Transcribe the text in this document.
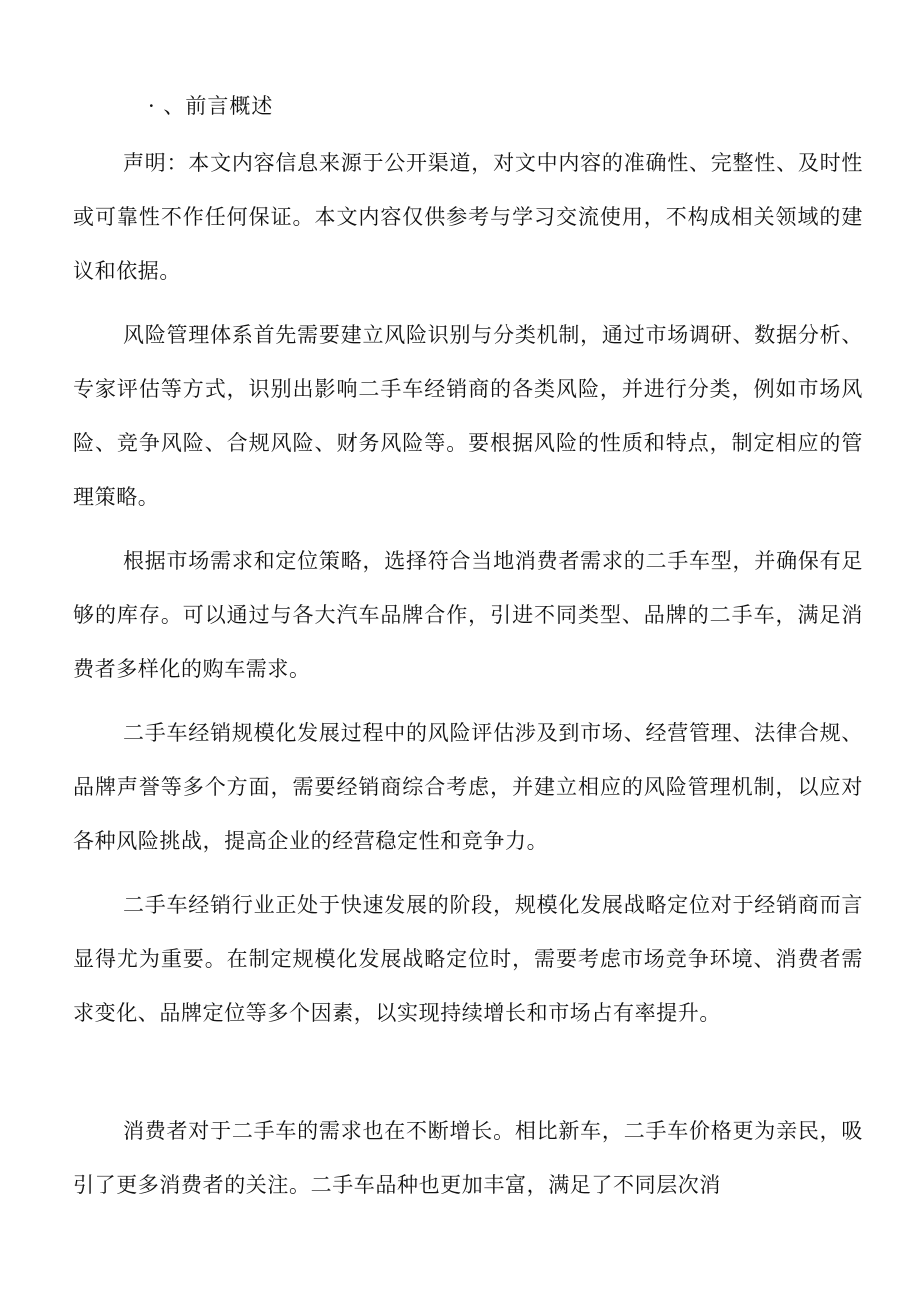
· 、前言概述

声明：本文内容信息来源于公开渠道，对文中内容的准确性、完整性、及时性或可靠性不作任何保证。本文内容仅供参考与学习交流使用，不构成相关领域的建议和依据。

风险管理体系首先需要建立风险识别与分类机制，通过市场调研、数据分析、专家评估等方式，识别出影响二手车经销商的各类风险，并进行分类，例如市场风险、竞争风险、合规风险、财务风险等。要根据风险的性质和特点，制定相应的管理策略。

根据市场需求和定位策略，选择符合当地消费者需求的二手车型，并确保有足够的库存。可以通过与各大汽车品牌合作，引进不同类型、品牌的二手车，满足消费者多样化的购车需求。

二手车经销规模化发展过程中的风险评估涉及到市场、经营管理、法律合规、品牌声誉等多个方面，需要经销商综合考虑，并建立相应的风险管理机制，以应对各种风险挑战，提高企业的经营稳定性和竞争力。

二手车经销行业正处于快速发展的阶段，规模化发展战略定位对于经销商而言显得尤为重要。在制定规模化发展战略定位时，需要考虑市场竞争环境、消费者需求变化、品牌定位等多个因素，以实现持续增长和市场占有率提升。

消费者对于二手车的需求也在不断增长。相比新车，二手车价格更为亲民，吸引了更多消费者的关注。二手车品种也更加丰富，满足了不同层次消
